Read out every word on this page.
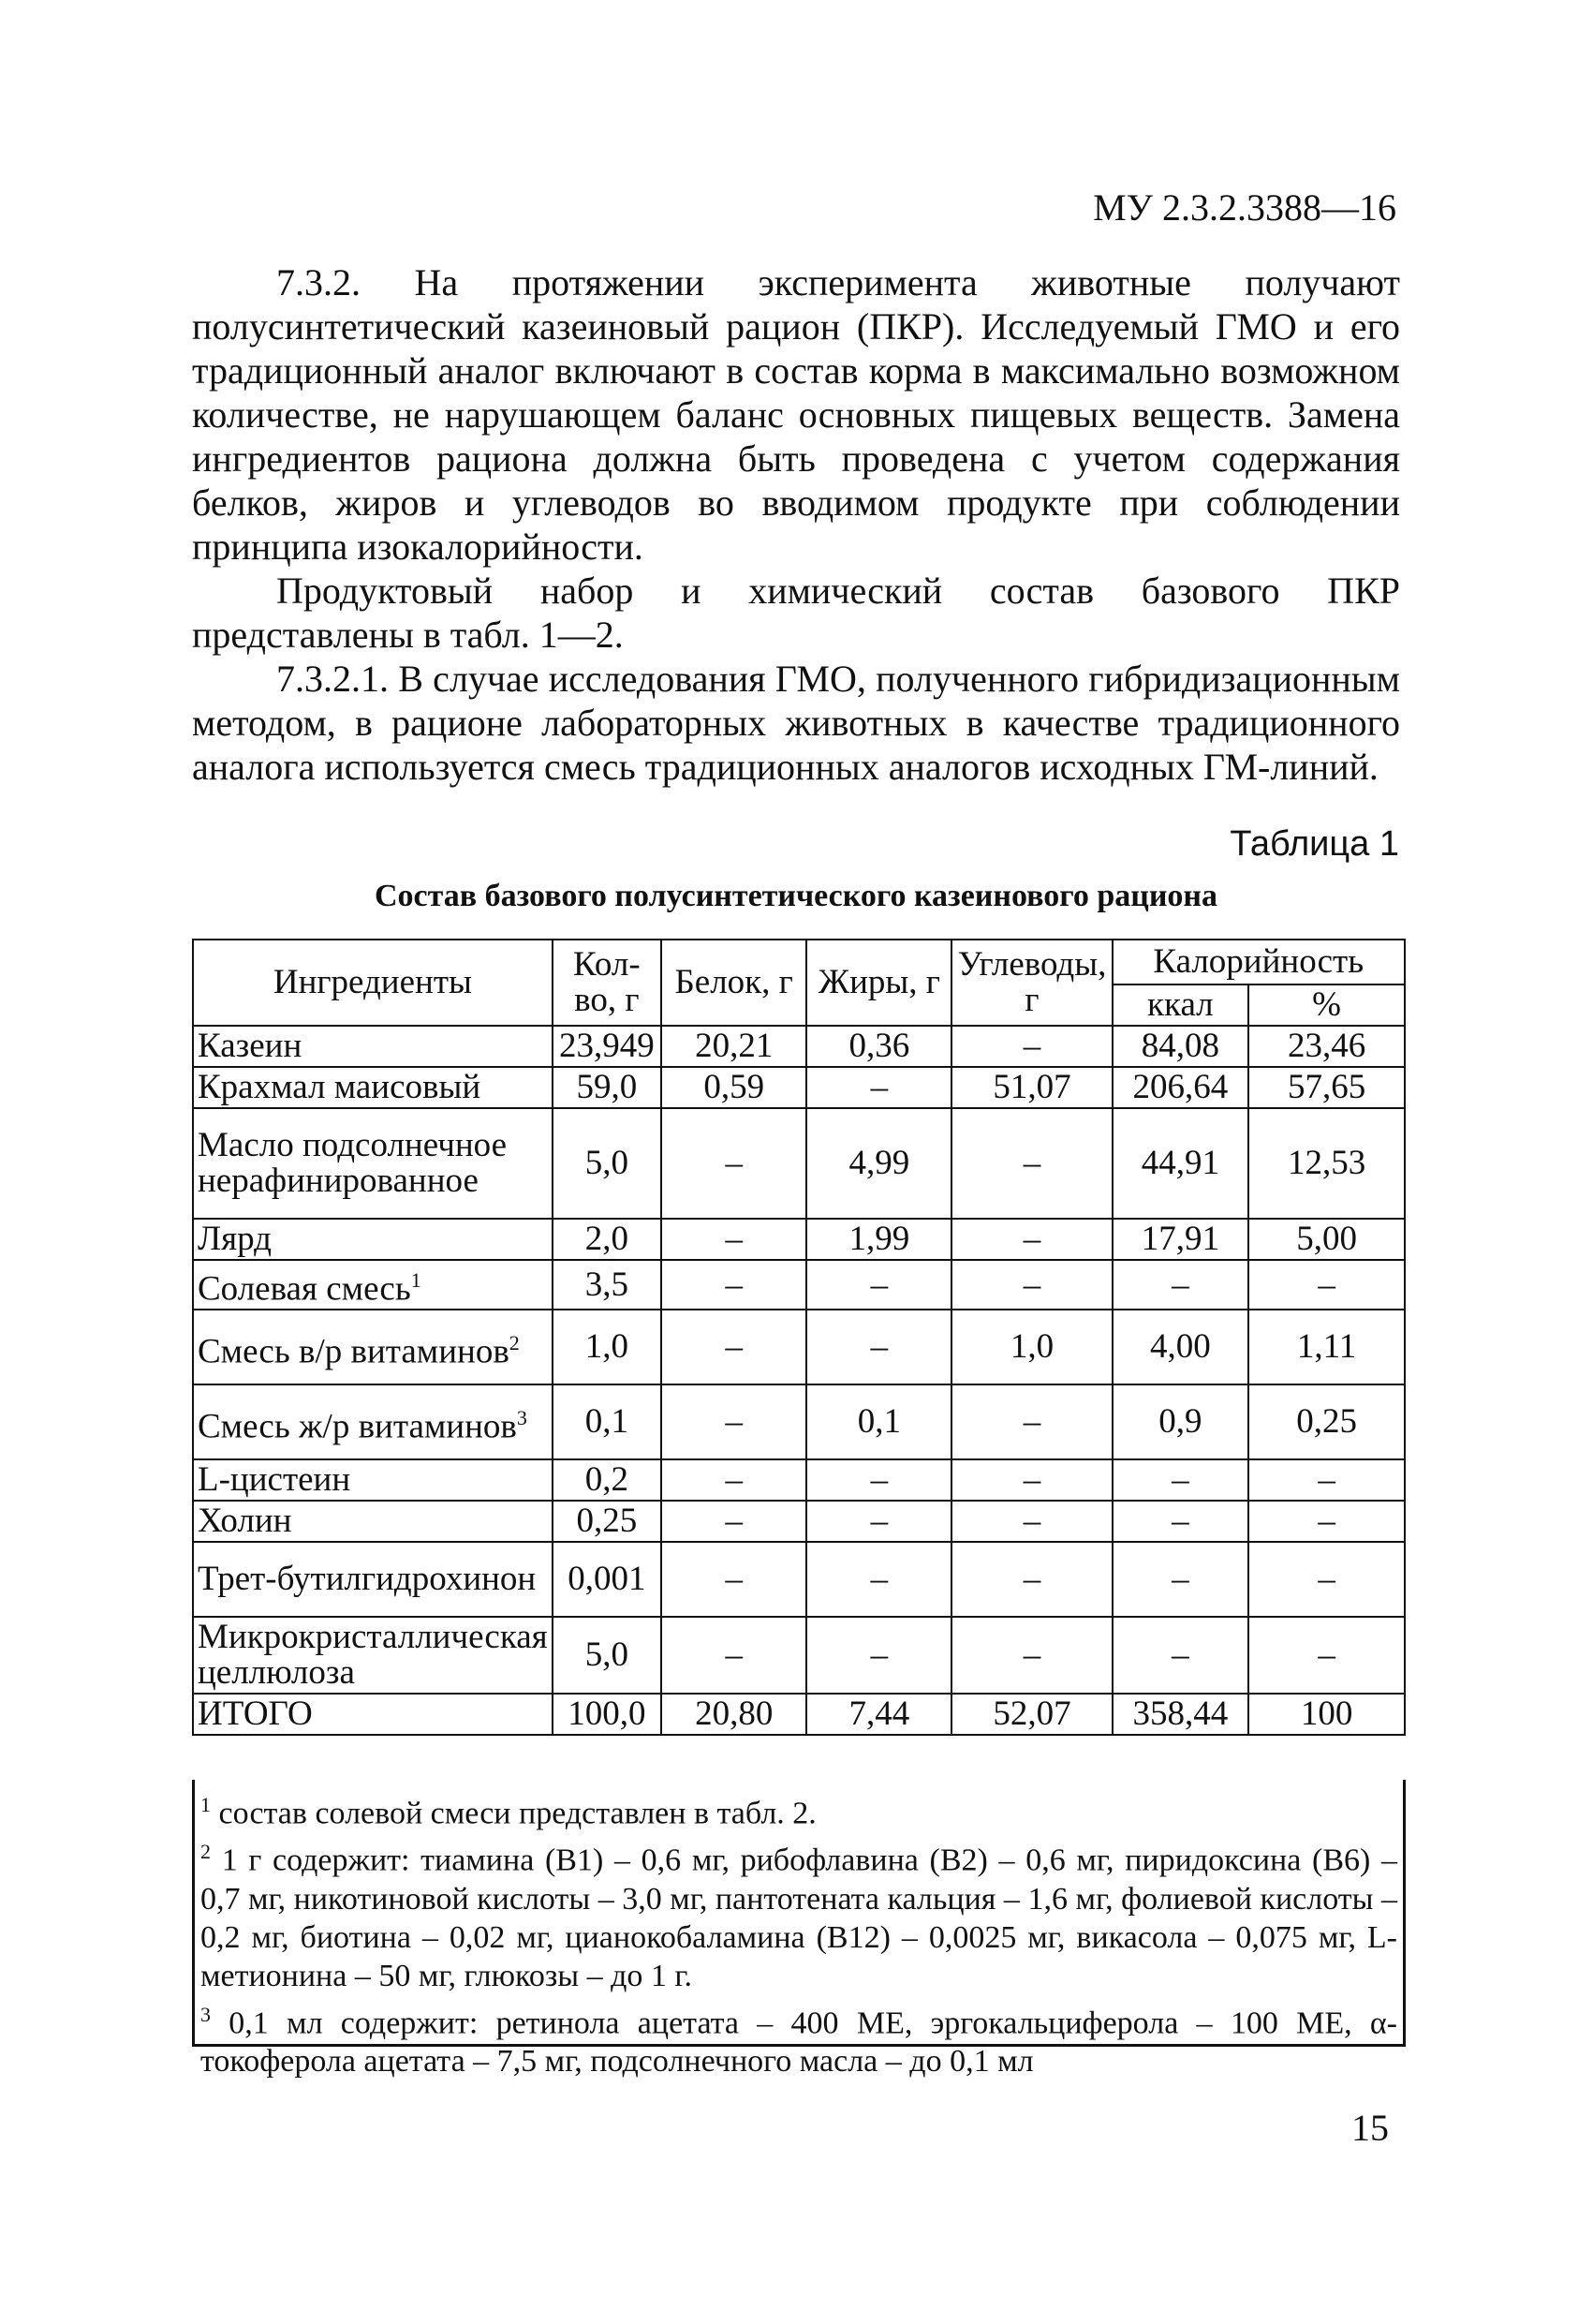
МУ 2.3.2.3388—16

7.3.2. На протяжении эксперимента животные получают полусинтетический казеиновый рацион (ПКР). Исследуемый ГМО и его традиционный аналог включают в состав корма в максимально возможном количестве, не нарушающем баланс основных пищевых веществ. Замена ингредиентов рациона должна быть проведена с учетом содержания белков, жиров и углеводов во вводимом продукте при соблюдении принципа изокалорийности.

Продуктовый набор и химический состав базового ПКР представлены в табл. 1—2.

7.3.2.1. В случае исследования ГМО, полученного гибридизационным методом, в рационе лабораторных животных в качестве традиционного аналога используется смесь традиционных аналогов исходных ГМ-линий.

Таблица 1
Состав базового полусинтетического казеинового рациона
Ингредиенты	Кол-во, г	Белок, г	Жиры, г	Углеводы, г	Калорийность	
					ккал	%
Казеин	23,949	20,21	0,36	–	84,08	23,46
Крахмал маисовый	59,0	0,59	–	51,07	206,64	57,65
Масло подсолнечное нерафинированное	5,0	–	4,99	–	44,91	12,53
Лярд	2,0	–	1,99	–	17,91	5,00
Солевая смесь$^1$	3,5	–	–	–	–	–
Смесь в/р витаминов$^2$	1,0	–	–	1,0	4,00	1,11
Смесь ж/р витаминов$^3$	0,1	–	0,1	–	0,9	0,25
L-цистеин	0,2	–	–	–	–	–
Холин	0,25	–	–	–	–	–
Трет-бутилгидрохинон	0,001	–	–	–	–	–
Микрокристаллическая целлюлоза	5,0	–	–	–	–	–
ИТОГО	100,0	20,80	7,44	52,07	358,44	100
$^1$ состав солевой смеси представлен в табл. 2.
$^2$ 1 г содержит: тиамина (В1) – 0,6 мг, рибофлавина (В2) – 0,6 мг, пиридоксина (В6) – 0,7 мг, никотиновой кислоты – 3,0 мг, пантотената кальция – 1,6 мг, фолиевой кислоты – 0,2 мг, биотина – 0,02 мг, цианокобаламина (В12) – 0,0025 мг, викасола – 0,075 мг, L-метионина – 50 мг, глюкозы – до 1 г.
$^3$ 0,1 мл содержит: ретинола ацетата – 400 МЕ, эргокальциферола – 100 МЕ, α-токоферола ацетата – 7,5 мг, подсолнечного масла – до 0,1 мл
15
